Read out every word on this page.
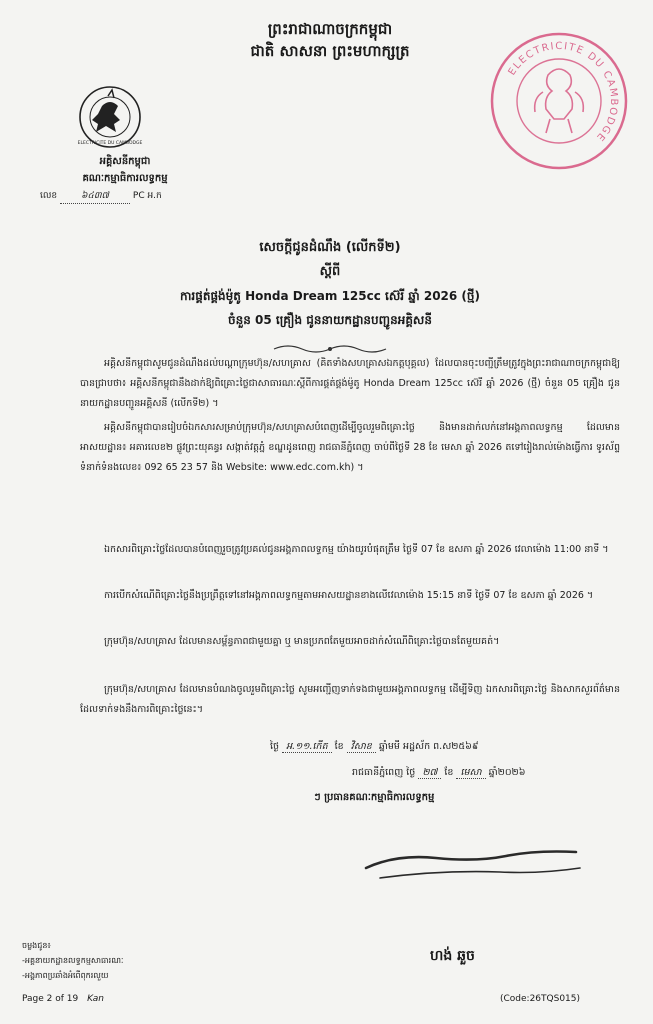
ព្រះរាជាណាចក្រកម្ពុជា
ជាតិ សាសនា ព្រះមហាក្សត្រ
ELECTRICITE DU CAMBODGE
ELECTRICITE DU CAMBODGE
អគ្គិសនីកម្ពុជា
គណៈកម្មាធិការលទ្ធកម្ម
លេខ	៦៤៣៧	PC អ.ក
សេចក្តីជូនដំណឹង (លើកទី២)
ស្តីពី
ការផ្គត់ផ្គង់ម៉ូតូ Honda Dream 125cc ស៊េរី ឆ្នាំ 2026 (ថ្មី)
ចំនួន 05 គ្រឿង ជូននាយកដ្ឋានបញ្ជូនអគ្គិសនី
អគ្គិសនីកម្ពុជាសូមជូនដំណឹងដល់បណ្តាក្រុមហ៊ុន/សហគ្រាស (គិតទាំងសហគ្រាសឯកត្តបុគ្គល) ដែលបានចុះបញ្ជីត្រឹមត្រូវក្នុងព្រះរាជាណាចក្រកម្ពុជាឱ្យបានជ្រាបថា៖ អគ្គិសនីកម្ពុជានឹងដាក់ឱ្យពិគ្រោះថ្លៃជាសាធារណៈស្តីពីការផ្គត់ផ្គង់ម៉ូតូ Honda Dream 125cc ស៊េរី ឆ្នាំ 2026 (ថ្មី) ចំនួន 05 គ្រឿង ជូននាយកដ្ឋានបញ្ជូនអគ្គិសនី (លើកទី២) ។
អគ្គិសនីកម្ពុជាបានរៀបចំឯកសារសម្រាប់ក្រុមហ៊ុន/សហគ្រាសបំពេញដើម្បីចូលរួមពិគ្រោះថ្លៃ និងមានដាក់លក់នៅអង្គភាពលទ្ធកម្ម ដែលមានអាសយដ្ឋាន៖ អគារលេខ២ ផ្លូវព្រះយុគន្ធរ សង្កាត់វត្តភ្នំ ខណ្ឌដូនពេញ រាជធានីភ្នំពេញ ចាប់ពីថ្ងៃទី 28 ខែ មេសា ឆ្នាំ 2026 តទៅរៀងរាល់ម៉ោងធ្វើការ ទូរស័ព្ទទំនាក់ទំនងលេខ៖ 092 65 23 57 និង Website: www.edc.com.kh) ។
ឯកសារពិគ្រោះថ្លៃដែលបានបំពេញរួចត្រូវប្រគល់ជូនអង្គភាពលទ្ធកម្ម យ៉ាងយូរបំផុតត្រឹម ថ្ងៃទី 07 ខែ ឧសភា ឆ្នាំ 2026 វេលាម៉ោង 11:00 នាទី ។
ការបើកសំណើពិគ្រោះថ្លៃនឹងប្រព្រឹត្តទៅនៅអង្គភាពលទ្ធកម្មតាមអាសយដ្ឋានខាងលើវេលាម៉ោង 15:15 នាទី ថ្ងៃទី 07 ខែ ឧសភា ឆ្នាំ 2026 ។
ក្រុមហ៊ុន/សហគ្រាស ដែលមានសម្ព័ន្ធភាពជាមួយគ្នា ឬ មានប្រភពតែមួយអាចដាក់សំណើពិគ្រោះថ្លៃបានតែមួយគត់។
ក្រុមហ៊ុន/សហគ្រាស ដែលមានបំណងចូលរួមពិគ្រោះថ្លៃ សូមអញ្ជើញទាក់ទងជាមួយអង្គភាពលទ្ធកម្ម ដើម្បីទិញ ឯកសារពិគ្រោះថ្លៃ និងសាកសួរព័ត៌មានដែលទាក់ទងនឹងការពិគ្រោះថ្លៃនេះ។
ថ្ងៃ អ.១១.កើត ខែ វិសាខ ឆ្នាំមមី អដ្ឋស័ក ព.ស២៥៦៩
រាជធានីភ្នំពេញ ថ្ងៃ ២៧ ខែ មេសា ឆ្នាំ២០២៦
ៗ ប្រធានគណៈកម្មាធិការលទ្ធកម្ម
ហង់ ឆួច
ចម្លងជូន៖
-អគ្គនាយកដ្ឋានលទ្ធកម្មសាធារណៈ
-អង្គភាពប្រឆាំងអំពើពុករលួយ
Page 2 of 19 Kan	(Code:26TQS015)
